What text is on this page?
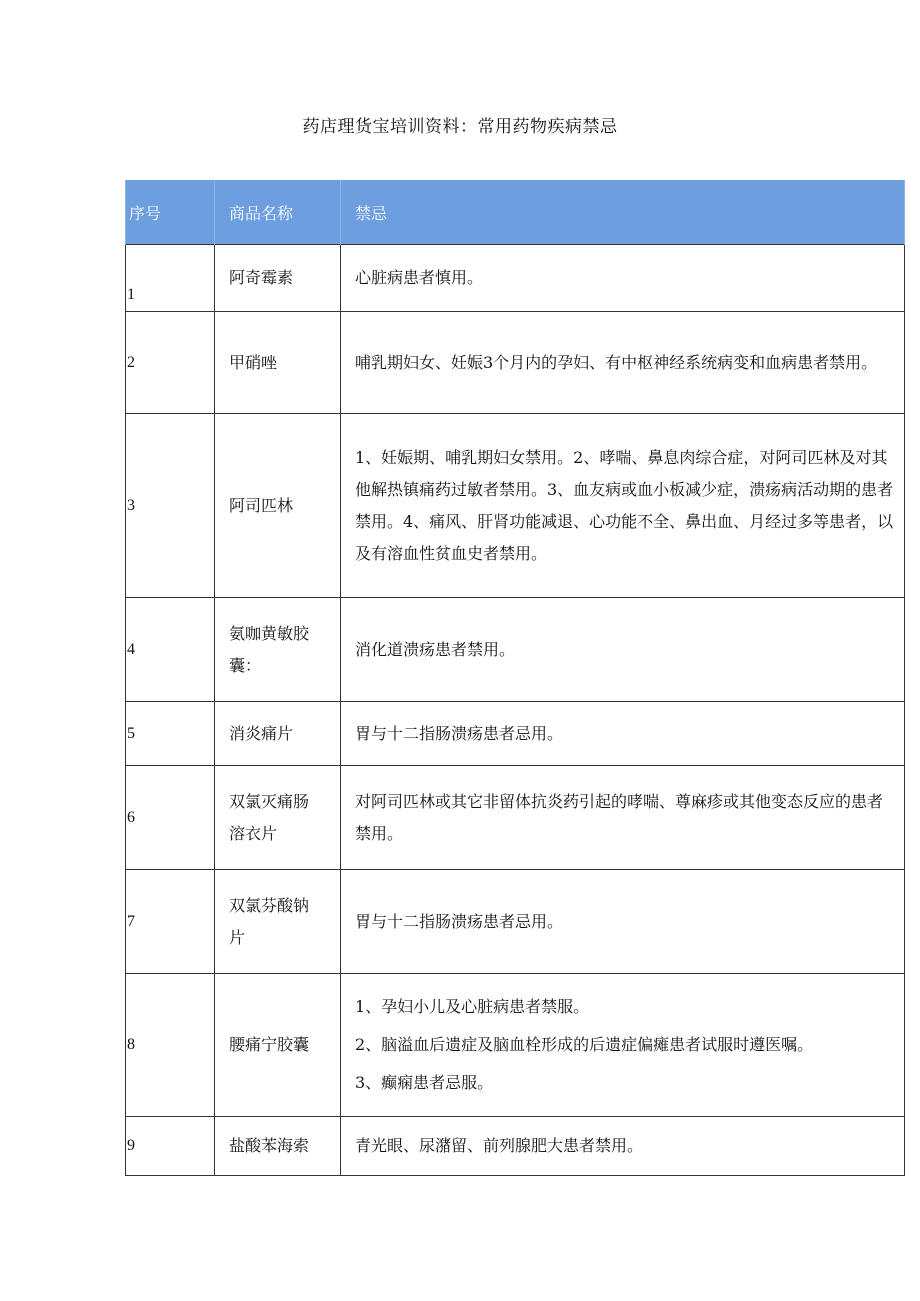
药店理货宝培训资料：常用药物疾病禁忌
序号	商品名称	禁忌
1	阿奇霉素	心脏病患者慎用。

2	甲硝唑	哺乳期妇女、妊娠3个月内的孕妇、有中枢神经系统病变和血病患者禁用。

3	阿司匹林	1、妊娠期、哺乳期妇女禁用。2、哮喘、鼻息肉综合症，对阿司匹林及对其他解热镇痛药过敏者禁用。3、血友病或血小板减少症，溃疡病活动期的患者禁用。4、痛风、肝肾功能减退、心功能不全、鼻出血、月经过多等患者，以及有溶血性贫血史者禁用。

4	氨咖黄敏胶囊：	消化道溃疡患者禁用。

5	消炎痛片	胃与十二指肠溃疡患者忌用。

6	双氯灭痛肠溶衣片	对阿司匹林或其它非留体抗炎药引起的哮喘、尊麻疹或其他变态反应的患者禁用。

7	双氯芬酸钠片	胃与十二指肠溃疡患者忌用。

8	腰痛宁胶囊	1、孕妇小儿及心脏病患者禁服。

2、脑溢血后遗症及脑血栓形成的后遗症偏瘫患者试服时遵医嘱。

3、癫痫患者忌服。

9	盐酸苯海索	青光眼、尿潴留、前列腺肥大患者禁用。
